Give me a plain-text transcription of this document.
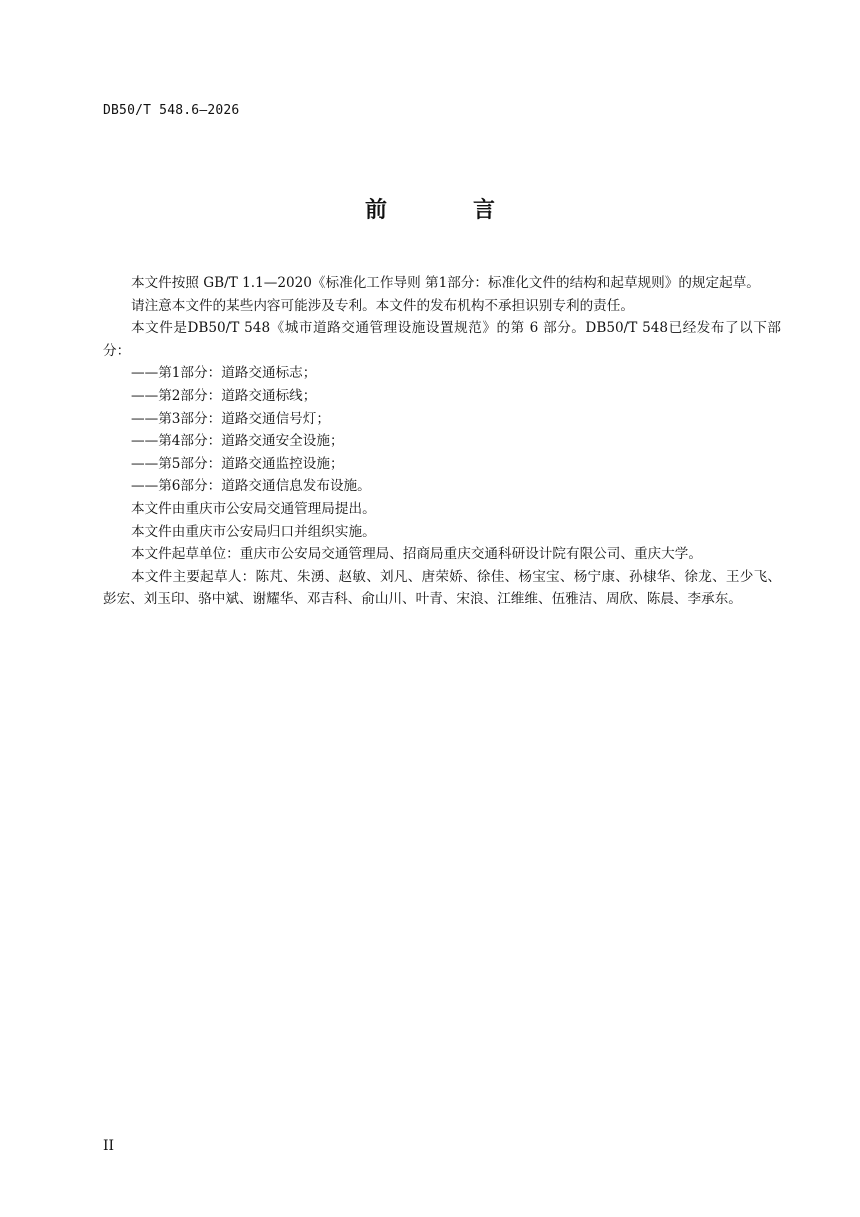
DB50/T 548.6—2026
前　言

本文件按照 GB/T 1.1—2020《标准化工作导则 第1部分：标准化文件的结构和起草规则》的规定起草。

请注意本文件的某些内容可能涉及专利。本文件的发布机构不承担识别专利的责任。

本文件是DB50/T 548《城市道路交通管理设施设置规范》的第 6 部分。DB50/T 548已经发布了以下部分：

——第1部分：道路交通标志；

——第2部分：道路交通标线；

——第3部分：道路交通信号灯；

——第4部分：道路交通安全设施；

——第5部分：道路交通监控设施；

——第6部分：道路交通信息发布设施。

本文件由重庆市公安局交通管理局提出。

本文件由重庆市公安局归口并组织实施。

本文件起草单位：重庆市公安局交通管理局、招商局重庆交通科研设计院有限公司、重庆大学。

本文件主要起草人：陈芃、朱湧、赵敏、刘凡、唐荣娇、徐佳、杨宝宝、杨宁康、孙棣华、徐龙、王少飞、彭宏、刘玉印、骆中斌、谢耀华、邓吉科、俞山川、叶青、宋浪、江维维、伍雅洁、周欣、陈晨、李承东。

II
